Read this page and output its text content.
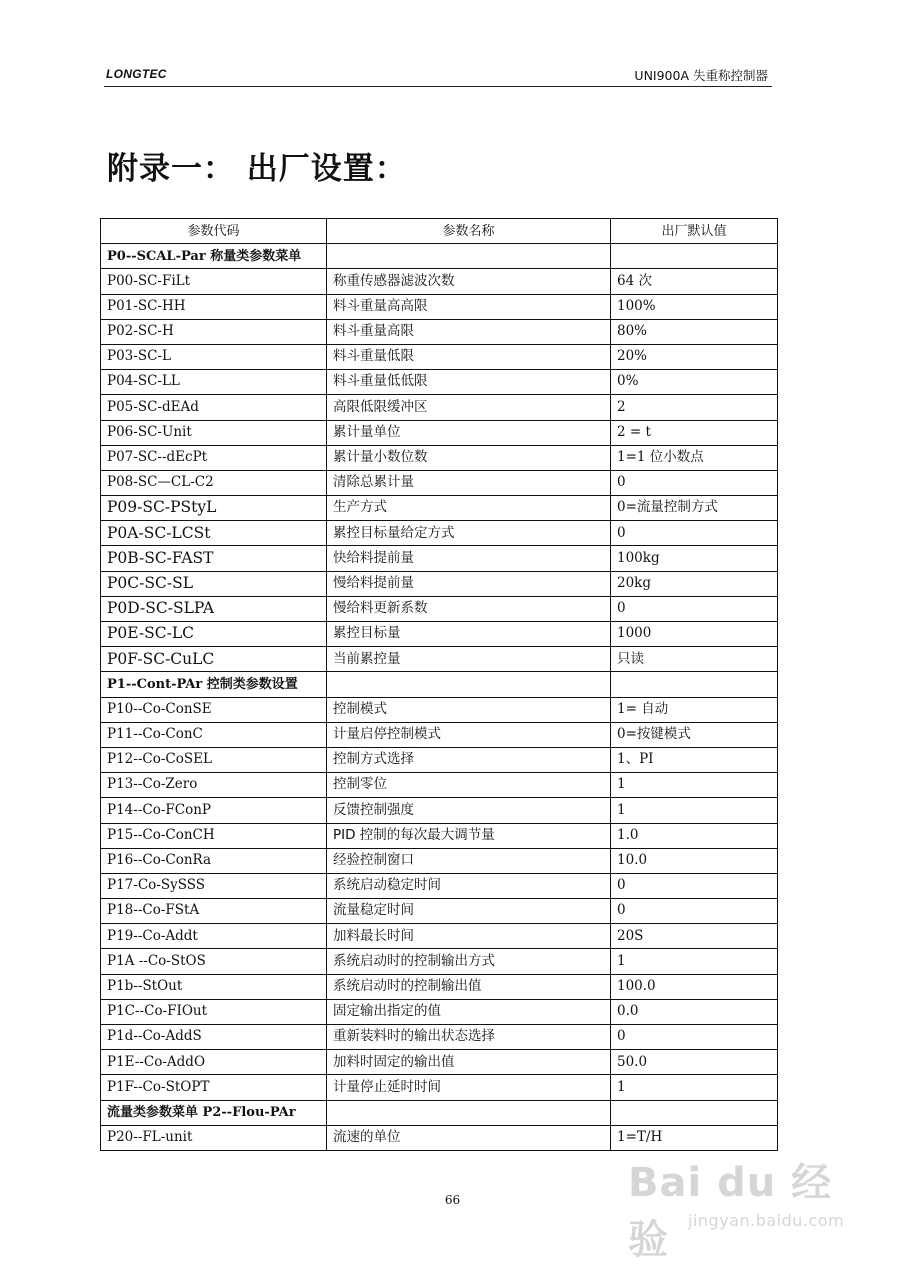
LONGTEC	UNI900A 失重称控制器
附录一： 出厂设置：
参数代码	参数名称	出厂默认值
P0--SCAL-Par 称量类参数菜单		
P00-SC-FiLt	称重传感器滤波次数	64 次
P01-SC-HH	料斗重量高高限	100%
P02-SC-H	料斗重量高限	80%
P03-SC-L	料斗重量低限	20%
P04-SC-LL	料斗重量低低限	0%
P05-SC-dEAd	高限低限缓冲区	2
P06-SC-Unit	累计量单位	2 = t
P07-SC--dEcPt	累计量小数位数	1=1 位小数点
P08-SC—CL-C2	清除总累计量	0
P09-SC-PStyL	生产方式	0=流量控制方式
P0A-SC-LCSt	累控目标量给定方式	0
P0B-SC-FAST	快给料提前量	100kg
P0C-SC-SL	慢给料提前量	20kg
P0D-SC-SLPA	慢给料更新系数	0
P0E-SC-LC	累控目标量	1000
P0F-SC-CuLC	当前累控量	只读
P1--Cont-PAr 控制类参数设置		
P10--Co-ConSE	控制模式	1= 自动
P11--Co-ConC	计量启停控制模式	0=按键模式
P12--Co-CoSEL	控制方式选择	1、PI
P13--Co-Zero	控制零位	1
P14--Co-FConP	反馈控制强度	1
P15--Co-ConCH	PID 控制的每次最大调节量	1.0
P16--Co-ConRa	经验控制窗口	10.0
P17-Co-SySSS	系统启动稳定时间	0
P18--Co-FStA	流量稳定时间	0
P19--Co-Addt	加料最长时间	20S
P1A --Co-StOS	系统启动时的控制输出方式	1
P1b--StOut	系统启动时的控制输出值	100.0
P1C--Co-FIOut	固定输出指定的值	0.0
P1d--Co-AddS	重新装料时的输出状态选择	0
P1E--Co-AddO	加料时固定的输出值	50.0
P1F--Co-StOPT	计量停止延时时间	1
流量类参数菜单 P2--Flou-PAr		
P20--FL-unit	流速的单位	1=T/H
66	Bai du 经验	jingyan.baidu.com
